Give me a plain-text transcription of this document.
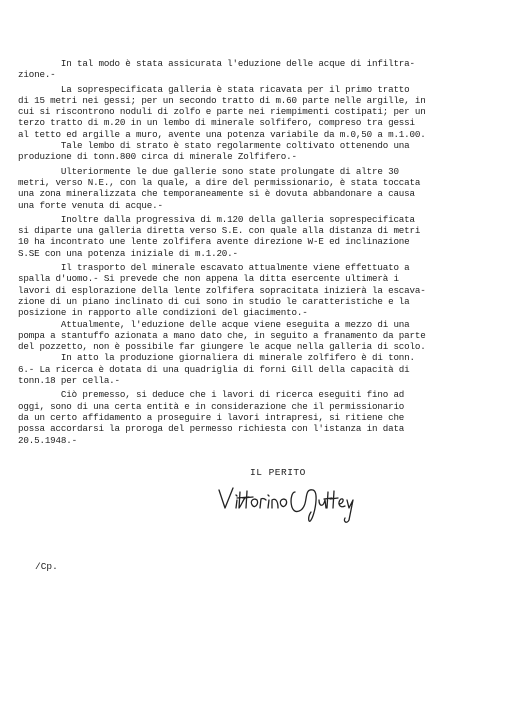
In tal modo è stata assicurata l'eduzione delle acque di infiltra-
zione.-
La soprespecificata galleria è stata ricavata per il primo tratto
di 15 metri nei gessi; per un secondo tratto di m.60 parte nelle argille, in
cui si riscontrono noduli di zolfo e parte nei riempimenti costipati; per un
terzo tratto di m.20 in un lembo di minerale solfifero, compreso tra gessi
al tetto ed argille a muro, avente una potenza variabile da m.0,50 a m.1.00.
Tale lembo di strato è stato regolarmente coltivato ottenendo una
produzione di tonn.800 circa di minerale Zolfifero.-
Ulteriormente le due gallerie sono state prolungate di altre 30
metri, verso N.E., con la quale, a dire del permissionario, è stata toccata
una zona mineralizzata che temporaneamente si è dovuta abbandonare a causa
una forte venuta di acque.-
Inoltre dalla progressiva di m.120 della galleria soprespecificata
si diparte una galleria diretta verso S.E. con quale alla distanza di metri
10 ha incontrato une lente zolfifera avente direzione W-E ed inclinazione
S.SE con una potenza iniziale di m.1.20.-
Il trasporto del minerale escavato attualmente viene effettuato a
spalla d'uomo.- Si prevede che non appena la ditta esercente ultimerà i
lavori di esplorazione della lente zolfifera sopracitata inizierà la escava-
zione di un piano inclinato di cui sono in studio le caratteristiche e la
posizione in rapporto alle condizioni del giacimento.-
Attualmente, l'eduzione delle acque viene eseguita a mezzo di una
pompa a stantuffo azionata a mano dato che, in seguito a franamento da parte
del pozzetto, non è possibile far giungere le acque nella galleria di scolo.
In atto la produzione giornaliera di minerale zolfifero è di tonn.
6.- La ricerca è dotata di una quadriglia di forni Gill della capacità di
tonn.18 per cella.-
Ciò premesso, si deduce che i lavori di ricerca eseguiti fino ad
oggi, sono di una certa entità e in considerazione che il permissionario
da un certo affidamento a proseguire i lavori intrapresi, si ritiene che
possa accordarsi la proroga del permesso richiesta con l'istanza in data
20.5.1948.-
IL PERITO
/Cp.
